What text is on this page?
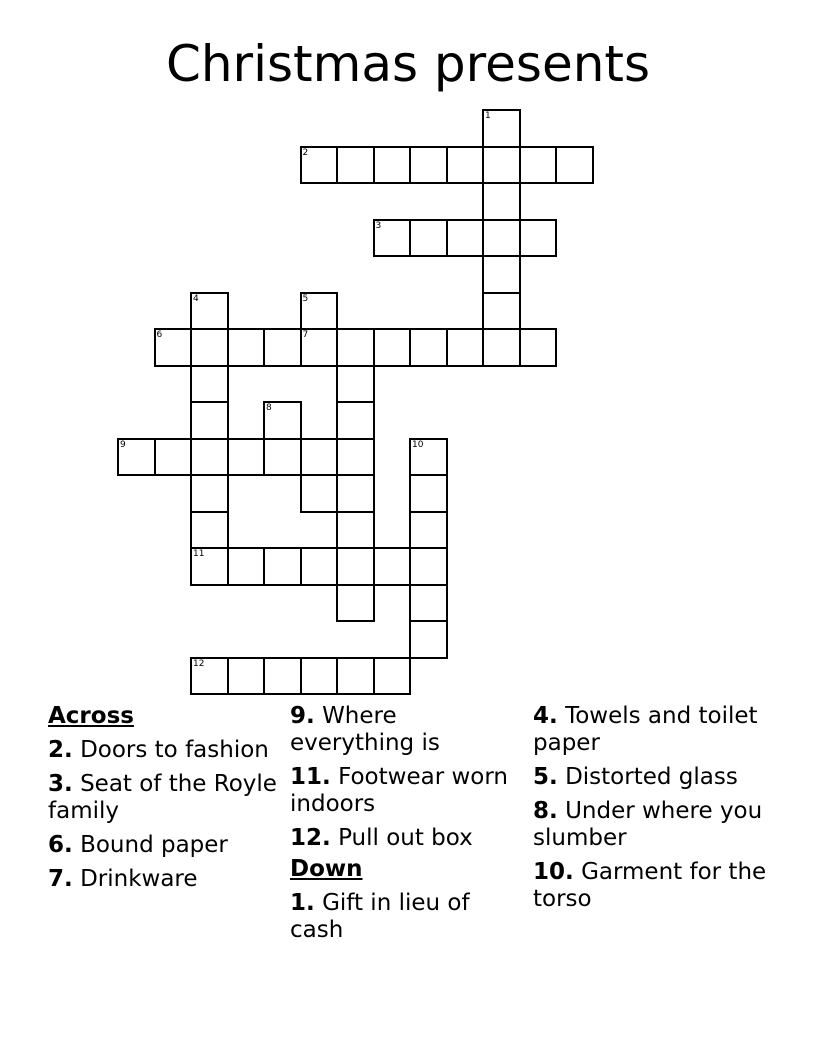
Christmas presents
1
2
3
4	5
6	7
8
9	10
11
12
Across
2. Doors to fashion
3. Seat of the Royle family
6. Bound paper
7. Drinkware
9. Where everything is
11. Footwear worn indoors
12. Pull out box
Down
1. Gift in lieu of cash
4. Towels and toilet paper
5. Distorted glass
8. Under where you slumber
10. Garment for the torso
